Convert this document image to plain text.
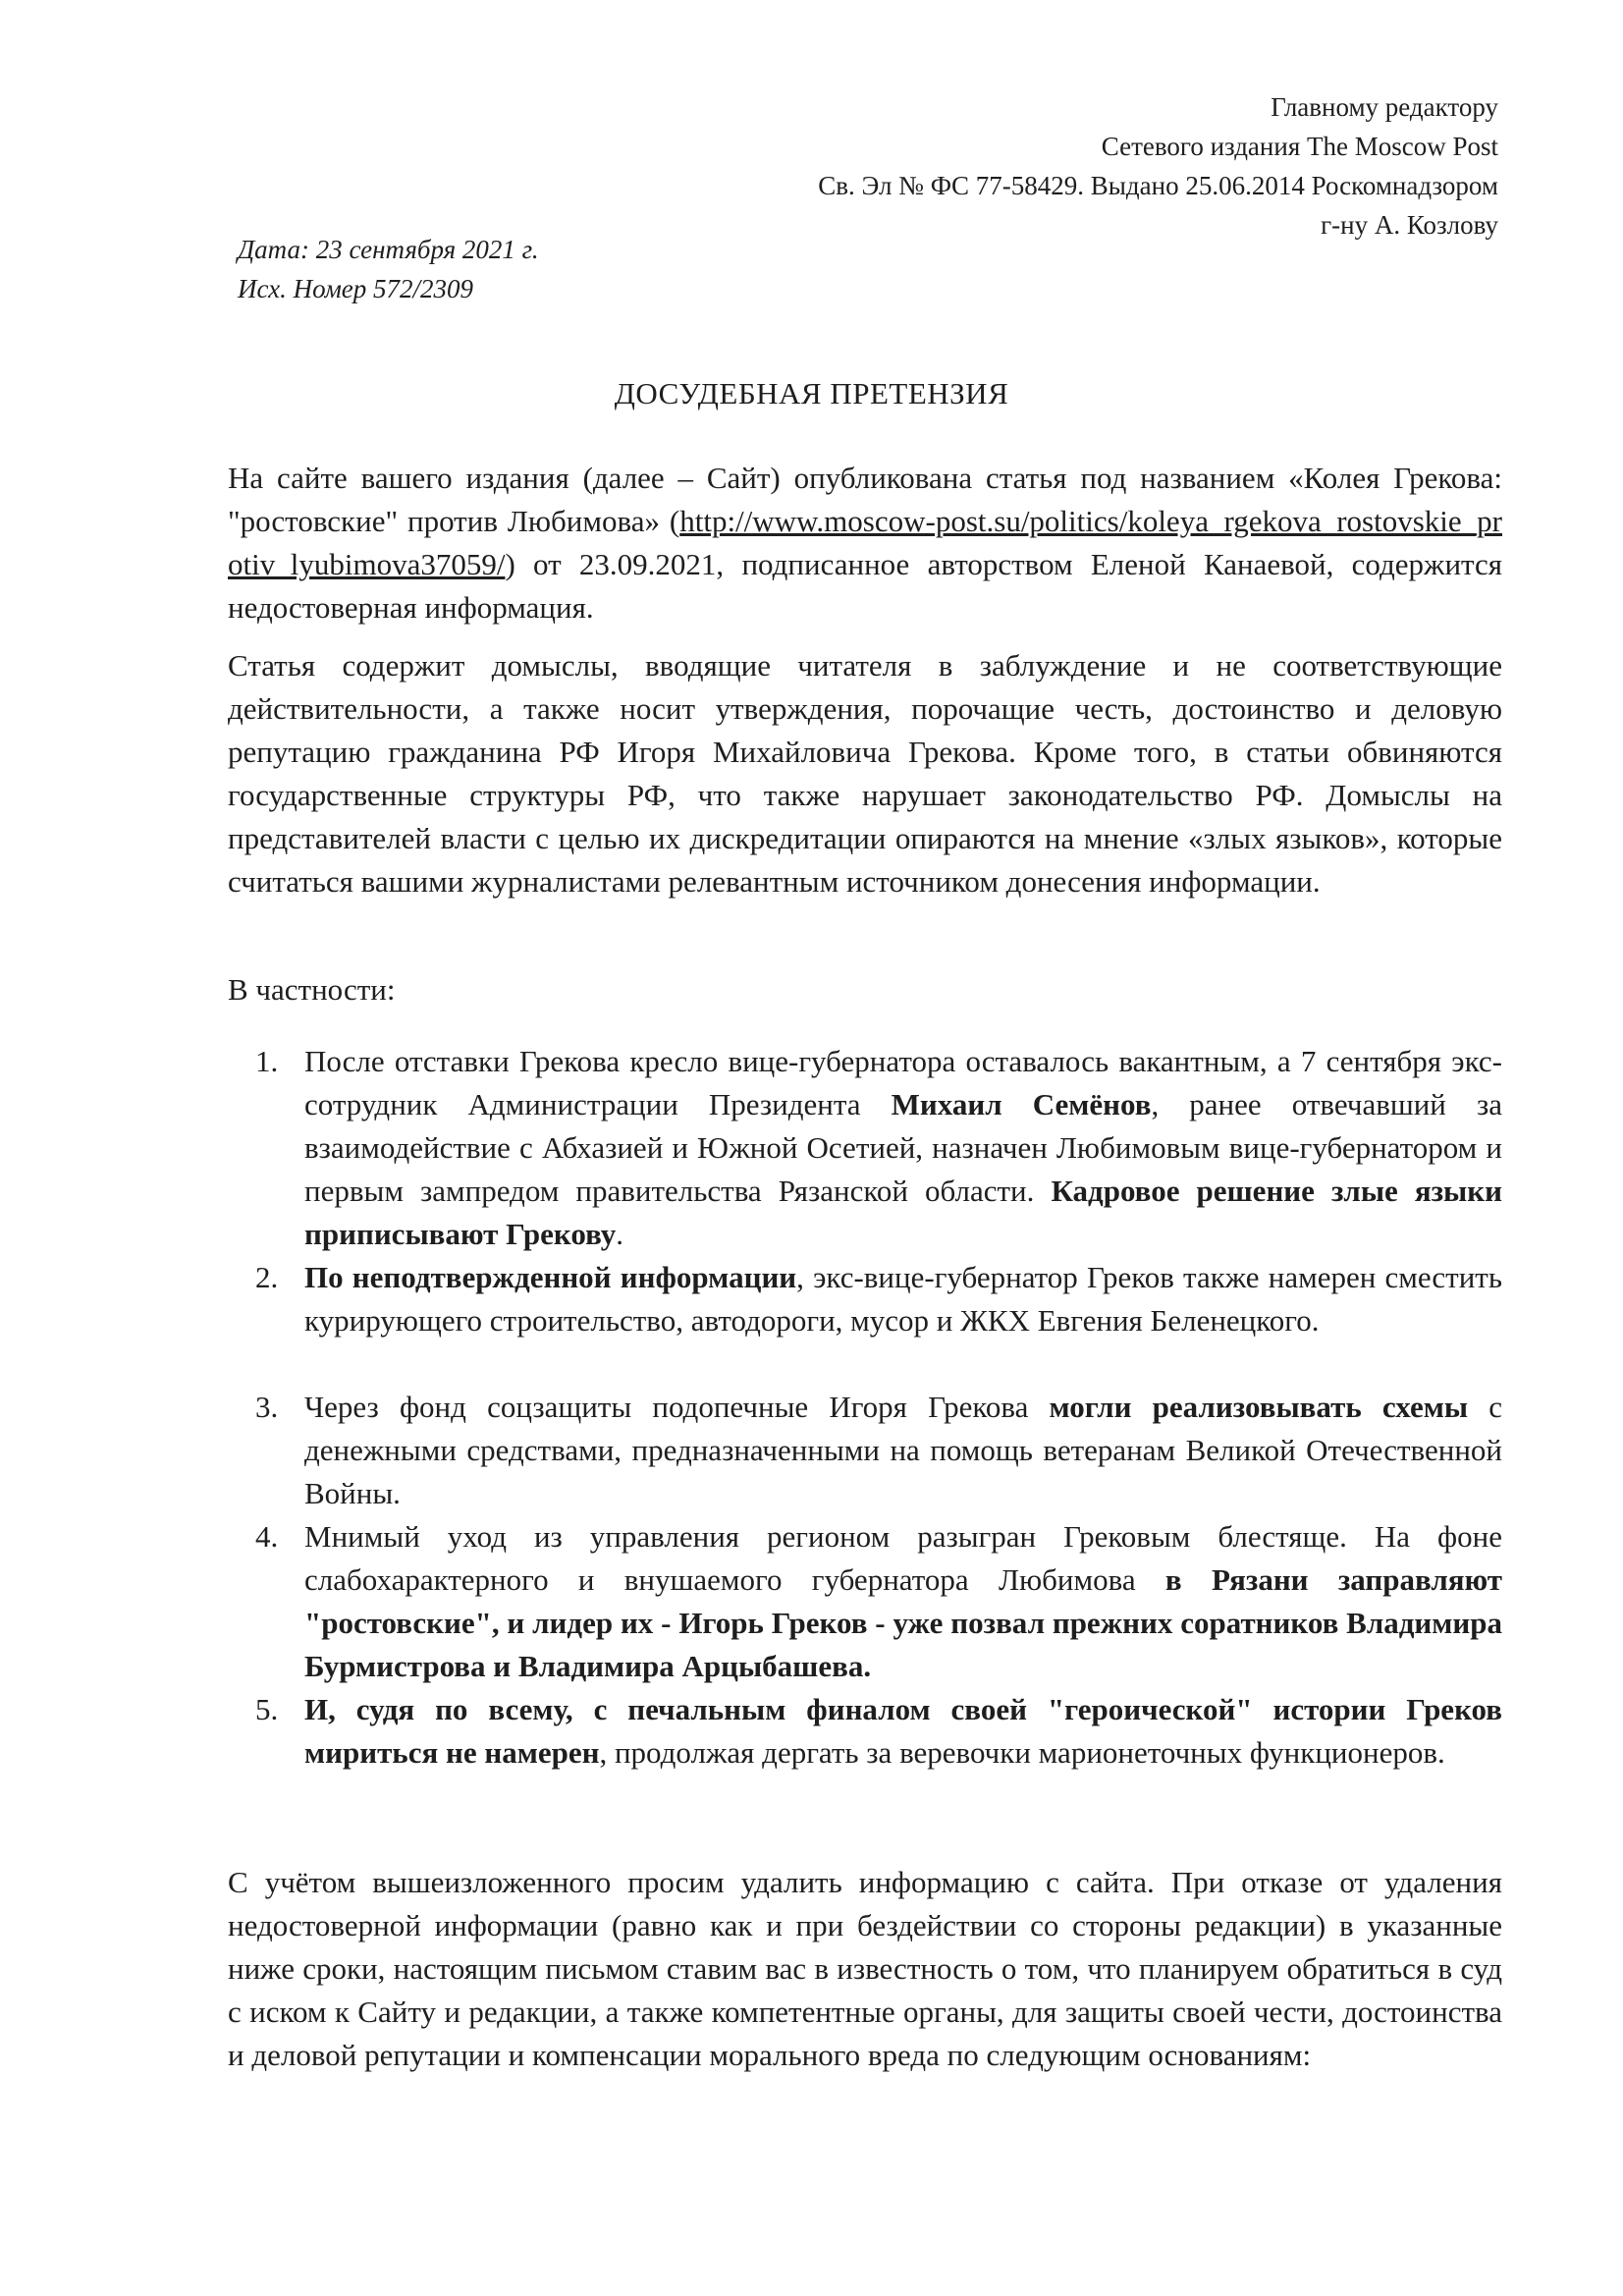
Главному редактору
Сетевого издания The Moscow Post
Св. Эл № ФС 77-58429. Выдано 25.06.2014 Роскомнадзором
г-ну А. Козлову
Дата: 23 сентября 2021 г.
Исх. Номер 572/2309
ДОСУДЕБНАЯ ПРЕТЕНЗИЯ

На сайте вашего издания (далее – Сайт) опубликована статья под названием «Колея Грекова: "ростовские" против Любимова» (http://www.moscow-post.su/politics/koleya_rgekova_rostovskie_protiv_lyubimova37059/) от 23.09.2021, подписанное авторством Еленой Канаевой, содержится недостоверная информация.

Статья содержит домыслы, вводящие читателя в заблуждение и не соответствующие действительности, а также носит утверждения, порочащие честь, достоинство и деловую репутацию гражданина РФ Игоря Михайловича Грекова. Кроме того, в статьи обвиняются государственные структуры РФ, что также нарушает законодательство РФ. Домыслы на представителей власти с целью их дискредитации опираются на мнение «злых языков», которые считаться вашими журналистами релевантным источником донесения информации.

В частности:

1. После отставки Грекова кресло вице-губернатора оставалось вакантным, а 7 сентября экс-сотрудник Администрации Президента Михаил Семёнов, ранее отвечавший за взаимодействие с Абхазией и Южной Осетией, назначен Любимовым вице-губернатором и первым зампредом правительства Рязанской области. Кадровое решение злые языки приписывают Грекову.

2. По неподтвержденной информации, экс-вице-губернатор Греков также намерен сместить курирующего строительство, автодороги, мусор и ЖКХ Евгения Беленецкого.

3. Через фонд соцзащиты подопечные Игоря Грекова могли реализовывать схемы с денежными средствами, предназначенными на помощь ветеранам Великой Отечественной Войны.

4. Мнимый уход из управления регионом разыгран Грековым блестяще. На фоне слабохарактерного и внушаемого губернатора Любимова в Рязани заправляют "ростовские", и лидер их - Игорь Греков - уже позвал прежних соратников Владимира Бурмистрова и Владимира Арцыбашева.

5. И, судя по всему, с печальным финалом своей "героической" истории Греков мириться не намерен, продолжая дергать за веревочки марионеточных функционеров.

С учётом вышеизложенного просим удалить информацию с сайта. При отказе от удаления недостоверной информации (равно как и при бездействии со стороны редакции) в указанные ниже сроки, настоящим письмом ставим вас в известность о том, что планируем обратиться в суд с иском к Сайту и редакции, а также компетентные органы, для защиты своей чести, достоинства и деловой репутации и компенсации морального вреда по следующим основаниям:
